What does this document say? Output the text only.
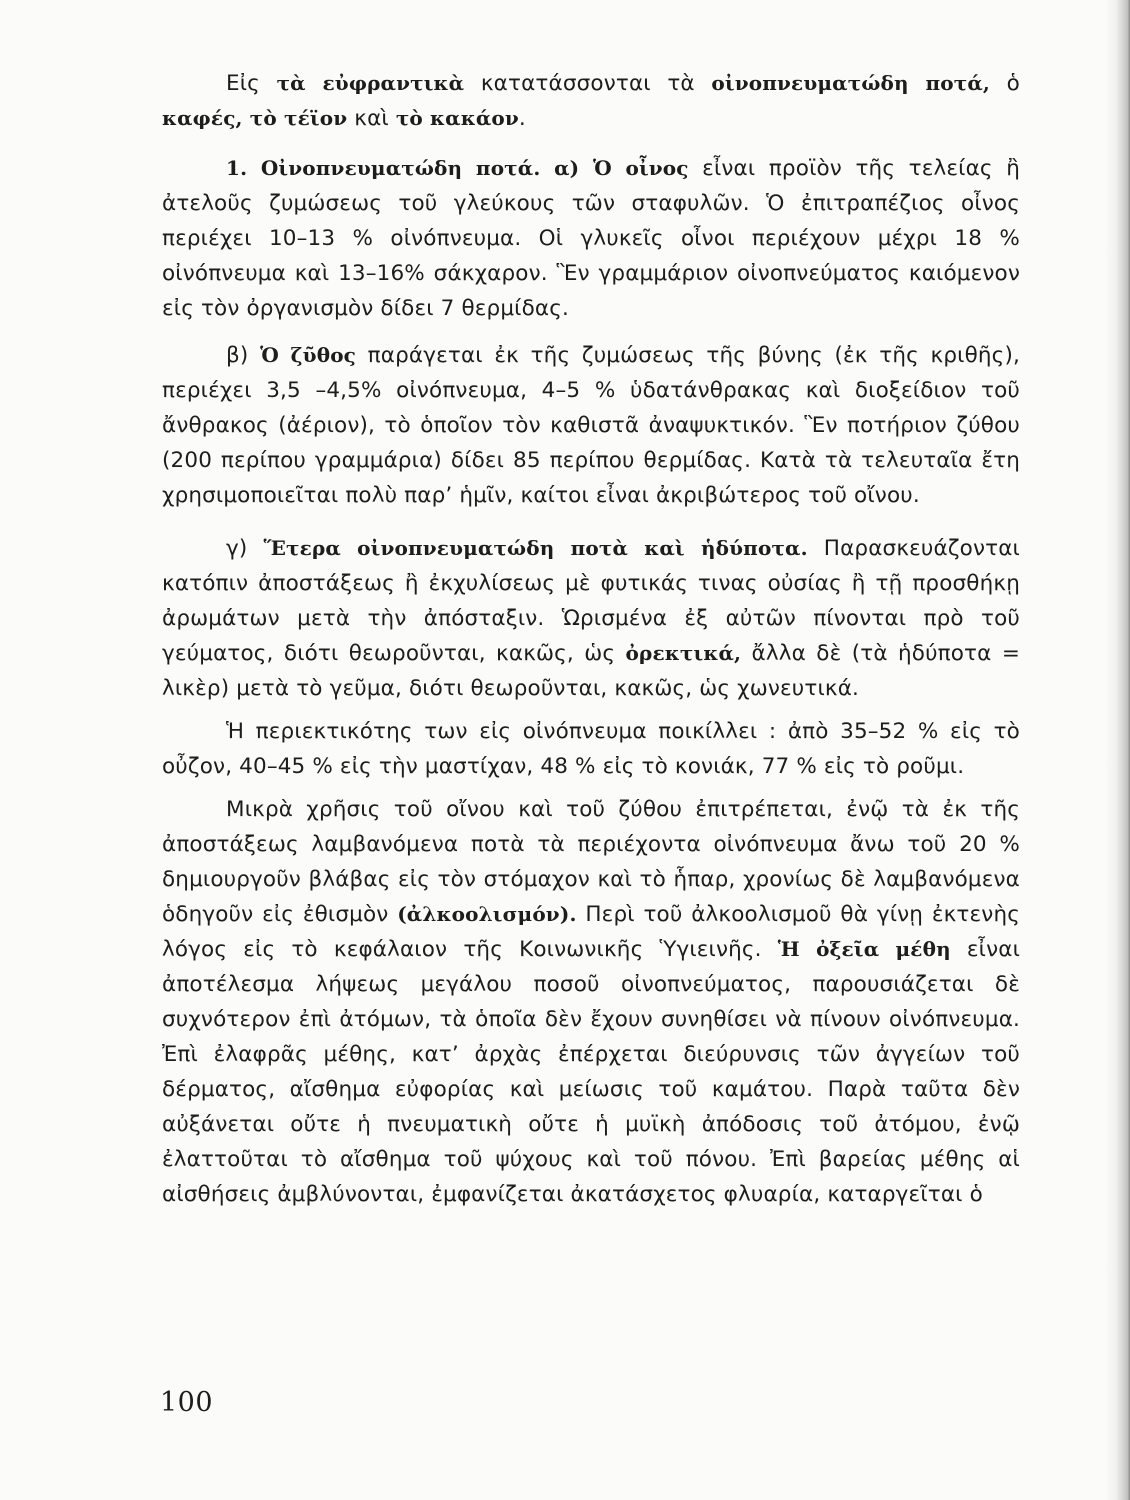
Εἰς τὰ εὐφραντικὰ κατατάσσονται τὰ οἰνοπνευματώδη ποτά, ὁ καφές, τὸ τέϊον καὶ τὸ κακάον.

1. Οἰνοπνευματώδη ποτά. α) Ὁ οἶνος εἶναι προϊὸν τῆς τελείας ἢ ἀτελοῦς ζυμώσεως τοῦ γλεύκους τῶν σταφυλῶν. Ὁ ἐπιτραπέζιος οἶνος περιέχει 10–13 % οἰνόπνευμα. Οἱ γλυκεῖς οἶνοι περιέχουν μέχρι 18 % οἰνόπνευμα καὶ 13–16% σάκχαρον. Ἓν γραμμάριον οἰνοπνεύματος καιόμενον εἰς τὸν ὀργανισμὸν δίδει 7 θερμίδας.

β) Ὁ ζῦθος παράγεται ἐκ τῆς ζυμώσεως τῆς βύνης (ἐκ τῆς κριθῆς), περιέχει 3,5 –4,5% οἰνόπνευμα, 4–5 % ὑδατάνθρακας καὶ διοξείδιον τοῦ ἄνθρακος (ἀέριον), τὸ ὁποῖον τὸν καθιστᾶ ἀναψυκτικόν. Ἓν ποτήριον ζύθου (200 περίπου γραμμάρια) δίδει 85 περίπου θερμίδας. Κατὰ τὰ τελευταῖα ἔτη χρησιμοποιεῖται πολὺ παρ’ ἡμῖν, καίτοι εἶναι ἀκριβώτερος τοῦ οἴνου.

γ) Ἕτερα οἰνοπνευματώδη ποτὰ καὶ ἡδύποτα. Παρασκευάζονται κατόπιν ἀποστάξεως ἢ ἐκχυλίσεως μὲ φυτικάς τινας οὐσίας ἢ τῇ προσθήκῃ ἀρωμάτων μετὰ τὴν ἀπόσταξιν. Ὡρισμένα ἐξ αὐτῶν πίνονται πρὸ τοῦ γεύματος, διότι θεωροῦνται, κακῶς, ὡς ὀρεκτικά, ἄλλα δὲ (τὰ ἡδύποτα = λικὲρ) μετὰ τὸ γεῦμα, διότι θεωροῦνται, κακῶς, ὡς χωνευτικά.

Ἡ περιεκτικότης των εἰς οἰνόπνευμα ποικίλλει : ἀπὸ 35–52 % εἰς τὸ οὖζον, 40–45 % εἰς τὴν μαστίχαν, 48 % εἰς τὸ κονιάκ, 77 % εἰς τὸ ροῦμι.

Μικρὰ χρῆσις τοῦ οἴνου καὶ τοῦ ζύθου ἐπιτρέπεται, ἐνῷ τὰ ἐκ τῆς ἀποστάξεως λαμβανόμενα ποτὰ τὰ περιέχοντα οἰνόπνευμα ἄνω τοῦ 20 % δημιουργοῦν βλάβας εἰς τὸν στόμαχον καὶ τὸ ἧπαρ, χρονίως δὲ λαμβανόμενα ὁδηγοῦν εἰς ἐθισμὸν (ἀλκοολισμόν). Περὶ τοῦ ἀλκοολισμοῦ θὰ γίνῃ ἐκτενὴς λόγος εἰς τὸ κεφάλαιον τῆς Κοινωνικῆς Ὑγιεινῆς. Ἡ ὀξεῖα μέθη εἶναι ἀποτέλεσμα λήψεως μεγάλου ποσοῦ οἰνοπνεύματος, παρουσιάζεται δὲ συχνότερον ἐπὶ ἀτόμων, τὰ ὁποῖα δὲν ἔχουν συνηθίσει νὰ πίνουν οἰνόπνευμα. Ἐπὶ ἐλαφρᾶς μέθης, κατ’ ἀρχὰς ἐπέρχεται διεύρυνσις τῶν ἀγγείων τοῦ δέρματος, αἴσθημα εὐφορίας καὶ μείωσις τοῦ καμάτου. Παρὰ ταῦτα δὲν αὐξάνεται οὔτε ἡ πνευματικὴ οὔτε ἡ μυϊκὴ ἀπόδοσις τοῦ ἀτόμου, ἐνῷ ἐλαττοῦται τὸ αἴσθημα τοῦ ψύχους καὶ τοῦ πόνου. Ἐπὶ βαρείας μέθης αἱ αἰσθήσεις ἀμβλύνονται, ἐμφανίζεται ἀκατάσχετος φλυαρία, καταργεῖται ὁ

100
